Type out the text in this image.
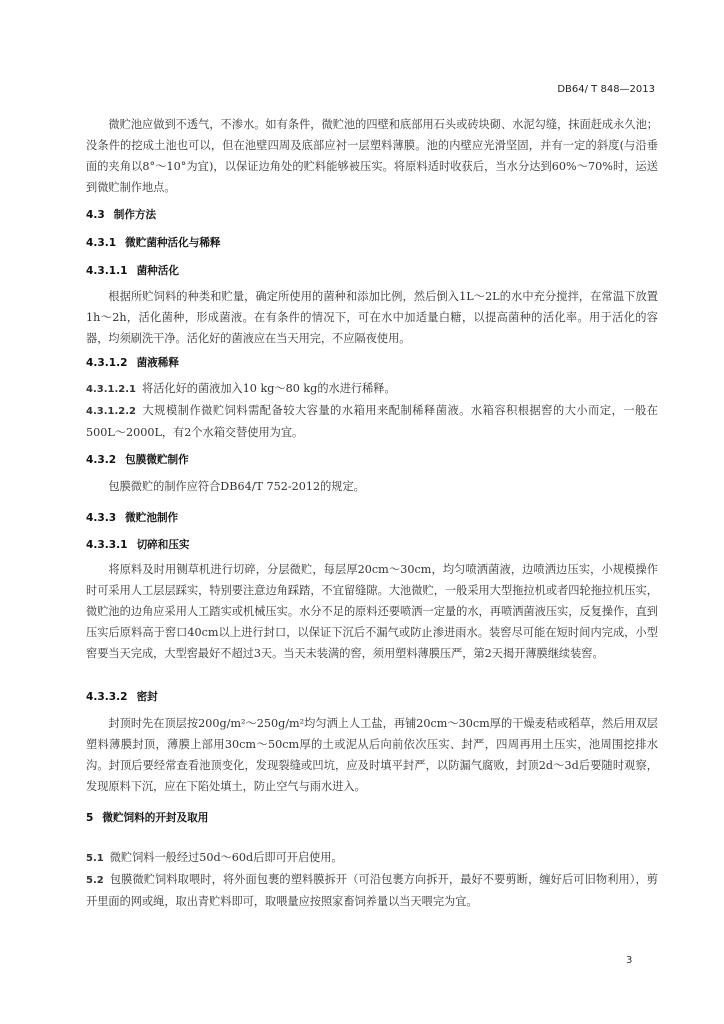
DB64/ T 848—2013

微贮池应做到不透气，不渗水。如有条件，微贮池的四壁和底部用石头或砖块砌、水泥勾缝，抹面赶成永久池；没条件的挖成土池也可以，但在池壁四周及底部应衬一层塑料薄膜。池的内壁应光滑坚固，并有一定的斜度(与沿垂面的夹角以8°～10°为宜)，以保证边角处的贮料能够被压实。将原料适时收获后，当水分达到60%～70%时，运送到微贮制作地点。

4.3 制作方法
4.3.1 微贮菌种活化与稀释
4.3.1.1 菌种活化

根据所贮饲料的种类和贮量，确定所使用的菌种和添加比例，然后倒入1L～2L的水中充分搅拌，在常温下放置1h～2h，活化菌种，形成菌液。在有条件的情况下，可在水中加适量白糖，以提高菌种的活化率。用于活化的容器，均须刷洗干净。活化好的菌液应在当天用完，不应隔夜使用。

4.3.1.2 菌液稀释

4.3.1.2.1 将活化好的菌液加入10 kg～80 kg的水进行稀释。

4.3.1.2.2 大规模制作微贮饲料需配备较大容量的水箱用来配制稀释菌液。水箱容积根据窖的大小而定，一般在500L～2000L，有2个水箱交替使用为宜。

4.3.2 包膜微贮制作

包膜微贮的制作应符合DB64/T 752-2012的规定。

4.3.3 微贮池制作
4.3.3.1 切碎和压实

将原料及时用铡草机进行切碎，分层微贮，每层厚20cm～30cm，均匀喷洒菌液，边喷洒边压实，小规模操作时可采用人工层层踩实，特别要注意边角踩踏，不宜留缝隙。大池微贮，一般采用大型拖拉机或者四轮拖拉机压实，微贮池的边角应采用人工踏实或机械压实。水分不足的原料还要喷洒一定量的水，再喷洒菌液压实，反复操作，直到压实后原料高于窖口40cm以上进行封口，以保证下沉后不漏气或防止渗进雨水。装窖尽可能在短时间内完成，小型窖要当天完成，大型窖最好不超过3天。当天未装满的窖，须用塑料薄膜压严，第2天揭开薄膜继续装窖。

4.3.3.2 密封

封顶时先在顶层按200g/m²～250g/m²均匀洒上人工盐，再铺20cm～30cm厚的干燥麦秸或稻草，然后用双层塑料薄膜封顶，薄膜上部用30cm～50cm厚的土或泥从后向前依次压实、封严，四周再用土压实，池周围挖排水沟。封顶后要经常查看池顶变化，发现裂缝或凹坑，应及时填平封严，以防漏气腐败，封顶2d～3d后要随时观察，发现原料下沉，应在下陷处填土，防止空气与雨水进入。

5 微贮饲料的开封及取用

5.1 微贮饲料一般经过50d～60d后即可开启使用。

5.2 包膜微贮饲料取喂时，将外面包裹的塑料膜拆开（可沿包裹方向拆开，最好不要剪断，缠好后可旧物利用），剪开里面的网或绳，取出青贮料即可，取喂量应按照家畜饲养量以当天喂完为宜。

3
